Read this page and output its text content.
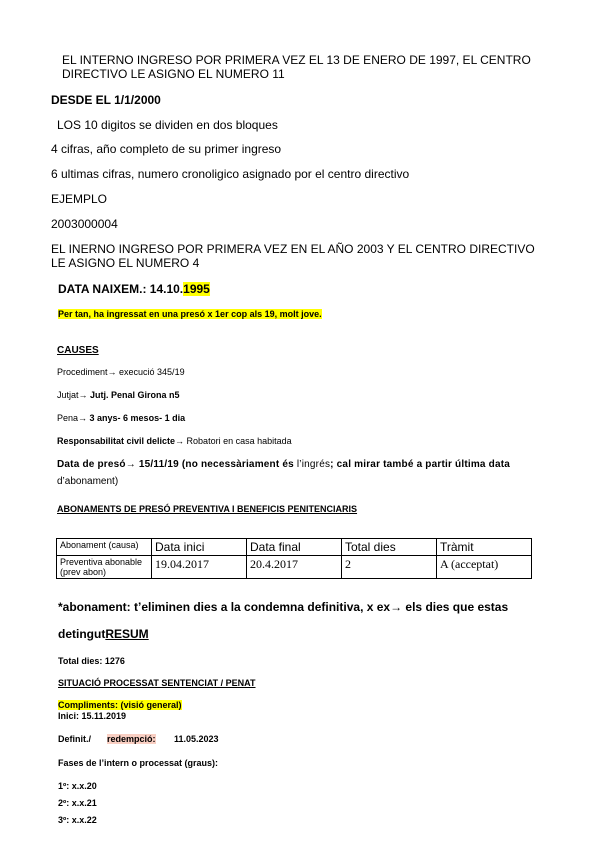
EL INTERNO INGRESO POR PRIMERA VEZ EL 13 DE ENERO DE 1997, EL CENTRO
DIRECTIVO LE ASIGNO EL NUMERO 11
DESDE EL 1/1/2000
LOS 10 digitos se dividen en dos bloques
4 cifras, año completo de su primer ingreso
6 ultimas cifras, numero cronoligico asignado por el centro directivo
EJEMPLO
2003000004
EL INERNO INGRESO POR PRIMERA VEZ EN EL AÑO 2003 Y EL CENTRO DIRECTIVO
LE ASIGNO EL NUMERO 4
DATA NAIXEM.: 14.10.1995
Per tan, ha ingressat en una presó x 1er cop als 19, molt jove.
CAUSES
Procediment→ execució 345/19
Jutjat→ Jutj. Penal Girona n5
Pena→ 3 anys- 6 mesos- 1 dia
Responsabilitat civil delicte→ Robatori en casa habitada
Data de presó→ 15/11/19 (no necessàriament és l’ingrés; cal mirar també a partir última data
d’abonament)
ABONAMENTS DE PRESÓ PREVENTIVA I BENEFICIS PENITENCIARIS
Abonament (causa)	Data inici	Data final	Total dies	Tràmit
Preventiva abonable (prev abon)	19.04.2017	20.4.2017	2	A (acceptat)
*abonament: t’eliminen dies a la condemna definitiva, x ex→ els dies que estas
detingutRESUM
Total dies: 1276
SITUACIÓ PROCESSAT SENTENCIAT / PENAT
Compliments: (visió general)
Inici: 15.11.2019
Definit./ redempció: 11.05.2023
Fases de l’intern o processat (graus):
1º: x.x.20
2º: x.x.21
3º: x.x.22
